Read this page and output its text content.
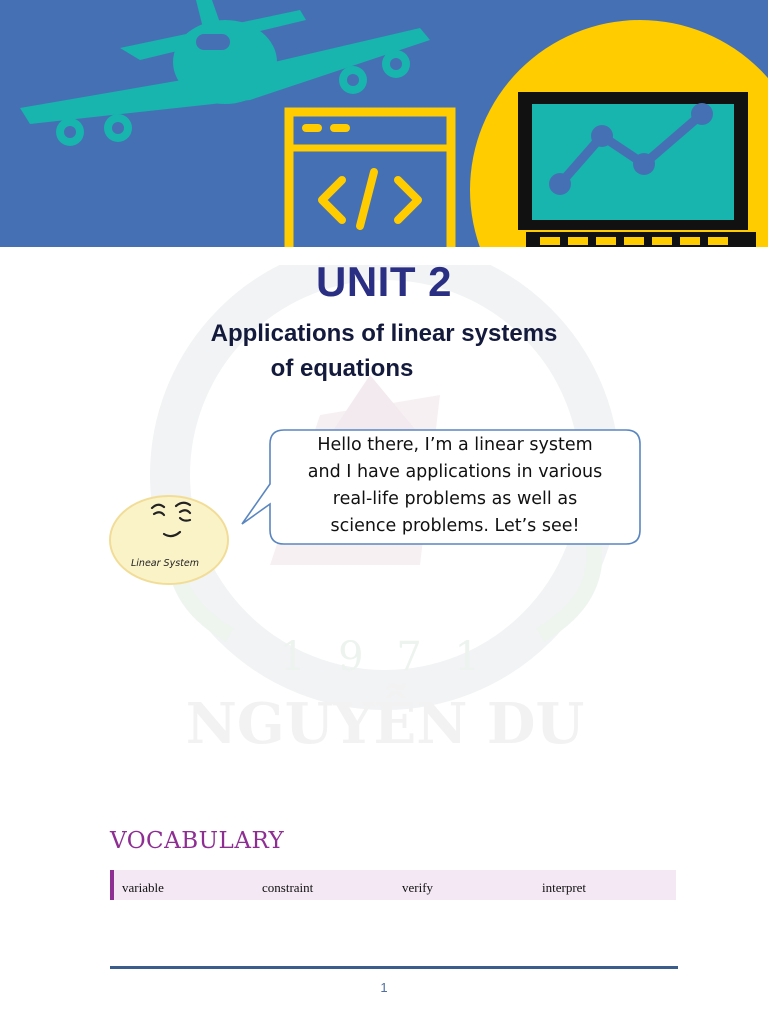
1 9 7 1
NGUYỄN DU
UNIT 2
Applications of linear systems
of equations
Linear System
Hello there, I’m a linear system
and I have applications in various
real-life problems as well as
science problems. Let’s see!
VOCABULARY
variable	constraint	verify	interpret
1
